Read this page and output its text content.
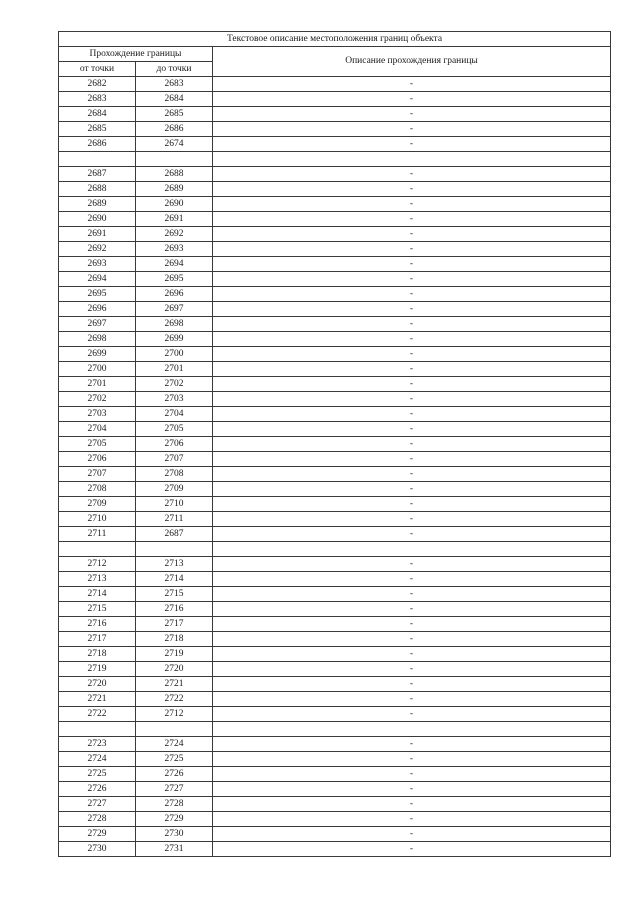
Текстовое описание местоположения границ объекта		
Прохождение границы		Описание прохождения границы
от точки	до точки	
2682	2683	-
2683	2684	-
2684	2685	-
2685	2686	-
2686	2674	-

2687	2688	-
2688	2689	-
2689	2690	-
2690	2691	-
2691	2692	-
2692	2693	-
2693	2694	-
2694	2695	-
2695	2696	-
2696	2697	-
2697	2698	-
2698	2699	-
2699	2700	-
2700	2701	-
2701	2702	-
2702	2703	-
2703	2704	-
2704	2705	-
2705	2706	-
2706	2707	-
2707	2708	-
2708	2709	-
2709	2710	-
2710	2711	-
2711	2687	-

2712	2713	-
2713	2714	-
2714	2715	-
2715	2716	-
2716	2717	-
2717	2718	-
2718	2719	-
2719	2720	-
2720	2721	-
2721	2722	-
2722	2712	-

2723	2724	-
2724	2725	-
2725	2726	-
2726	2727	-
2727	2728	-
2728	2729	-
2729	2730	-
2730	2731	-
